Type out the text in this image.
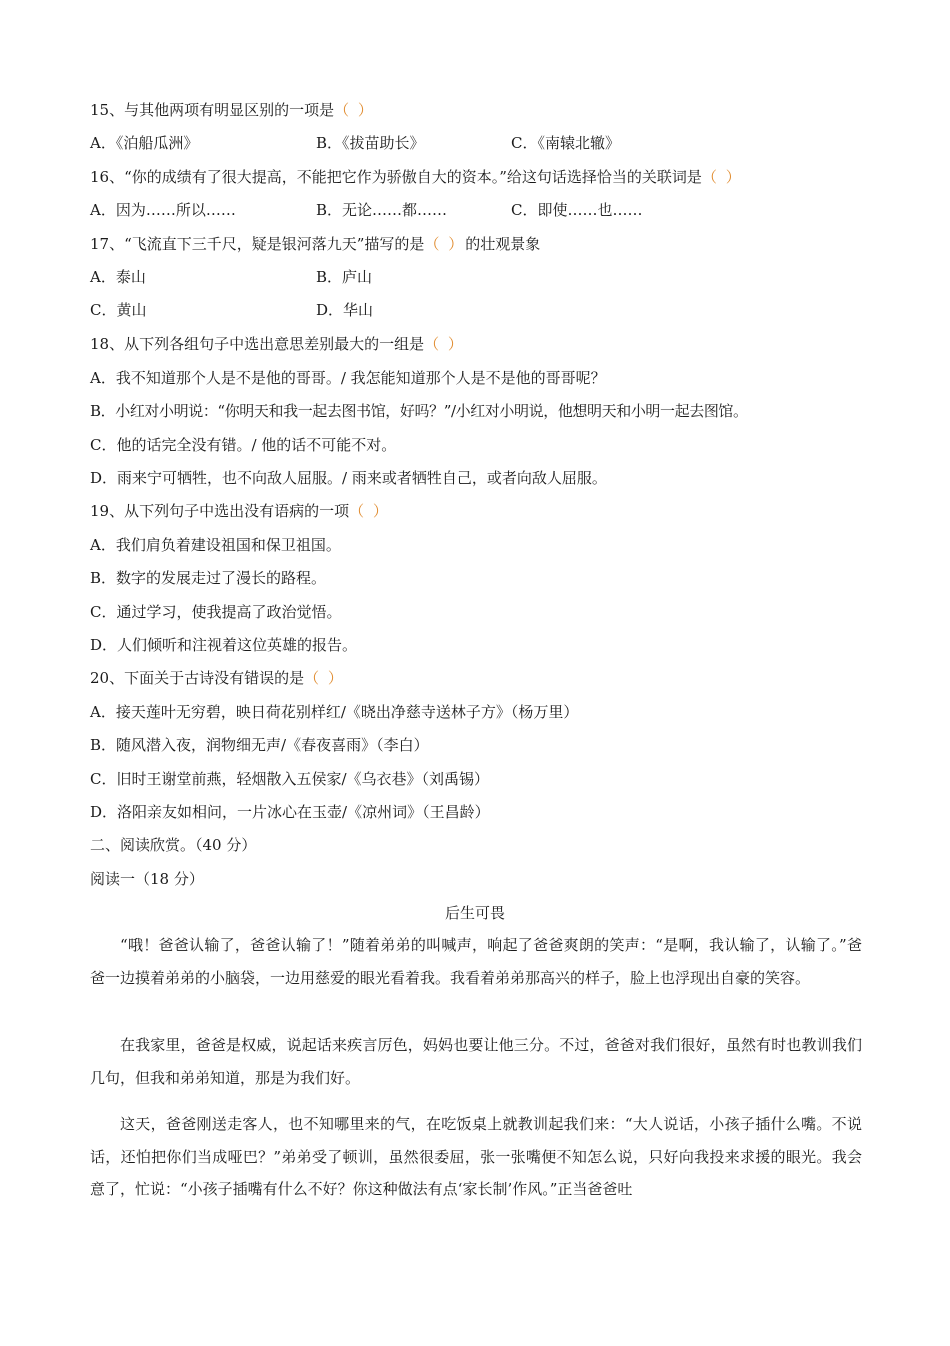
15、与其他两项有明显区别的一项是（ ）
A．《泊船瓜洲》	B．《拔苗助长》	C．《南辕北辙》
16、“你的成绩有了很大提高，不能把它作为骄傲自大的资本。”给这句话选择恰当的关联词是（ ）
A．因为……所以……	B．无论……都……	C．即使……也……
17、“飞流直下三千尺，疑是银河落九天”描写的是（ ）的壮观景象
A．泰山	B．庐山
C．黄山	D．华山
18、从下列各组句子中选出意思差别最大的一组是（ ）
A．我不知道那个人是不是他的哥哥。/ 我怎能知道那个人是不是他的哥哥呢？
B．小红对小明说：“你明天和我一起去图书馆，好吗？”/小红对小明说，他想明天和小明一起去图馆。
C．他的话完全没有错。/ 他的话不可能不对。
D．雨来宁可牺牲，也不向敌人屈服。/ 雨来或者牺牲自己，或者向敌人屈服。
19、从下列句子中选出没有语病的一项（ ）
A．我们肩负着建设祖国和保卫祖国。
B．数字的发展走过了漫长的路程。
C．通过学习，使我提高了政治觉悟。
D．人们倾听和注视着这位英雄的报告。
20、下面关于古诗没有错误的是（ ）
A．接天莲叶无穷碧，映日荷花别样红/《晓出净慈寺送林子方》（杨万里）
B．随风潜入夜，润物细无声/《春夜喜雨》（李白）
C．旧时王谢堂前燕，轻烟散入五侯家/《乌衣巷》（刘禹锡）
D．洛阳亲友如相问，一片冰心在玉壶/《凉州词》（王昌龄）
二、阅读欣赏。（40 分）
阅读一（18 分）
后生可畏
“哦！爸爸认输了，爸爸认输了！”随着弟弟的叫喊声，响起了爸爸爽朗的笑声：“是啊，我认输了，认输了。”爸爸一边摸着弟弟的小脑袋，一边用慈爱的眼光看着我。我看着弟弟那高兴的样子，脸上也浮现出自豪的笑容。
在我家里，爸爸是权威，说起话来疾言厉色，妈妈也要让他三分。不过，爸爸对我们很好，虽然有时也教训我们几句，但我和弟弟知道，那是为我们好。
这天，爸爸刚送走客人，也不知哪里来的气，在吃饭桌上就教训起我们来：“大人说话，小孩子插什么嘴。不说话，还怕把你们当成哑巴？”弟弟受了顿训，虽然很委屈，张一张嘴便不知怎么说，只好向我投来求援的眼光。我会意了，忙说：“小孩子插嘴有什么不好？你这种做法有点‘家长制’作风。”正当爸爸吐
